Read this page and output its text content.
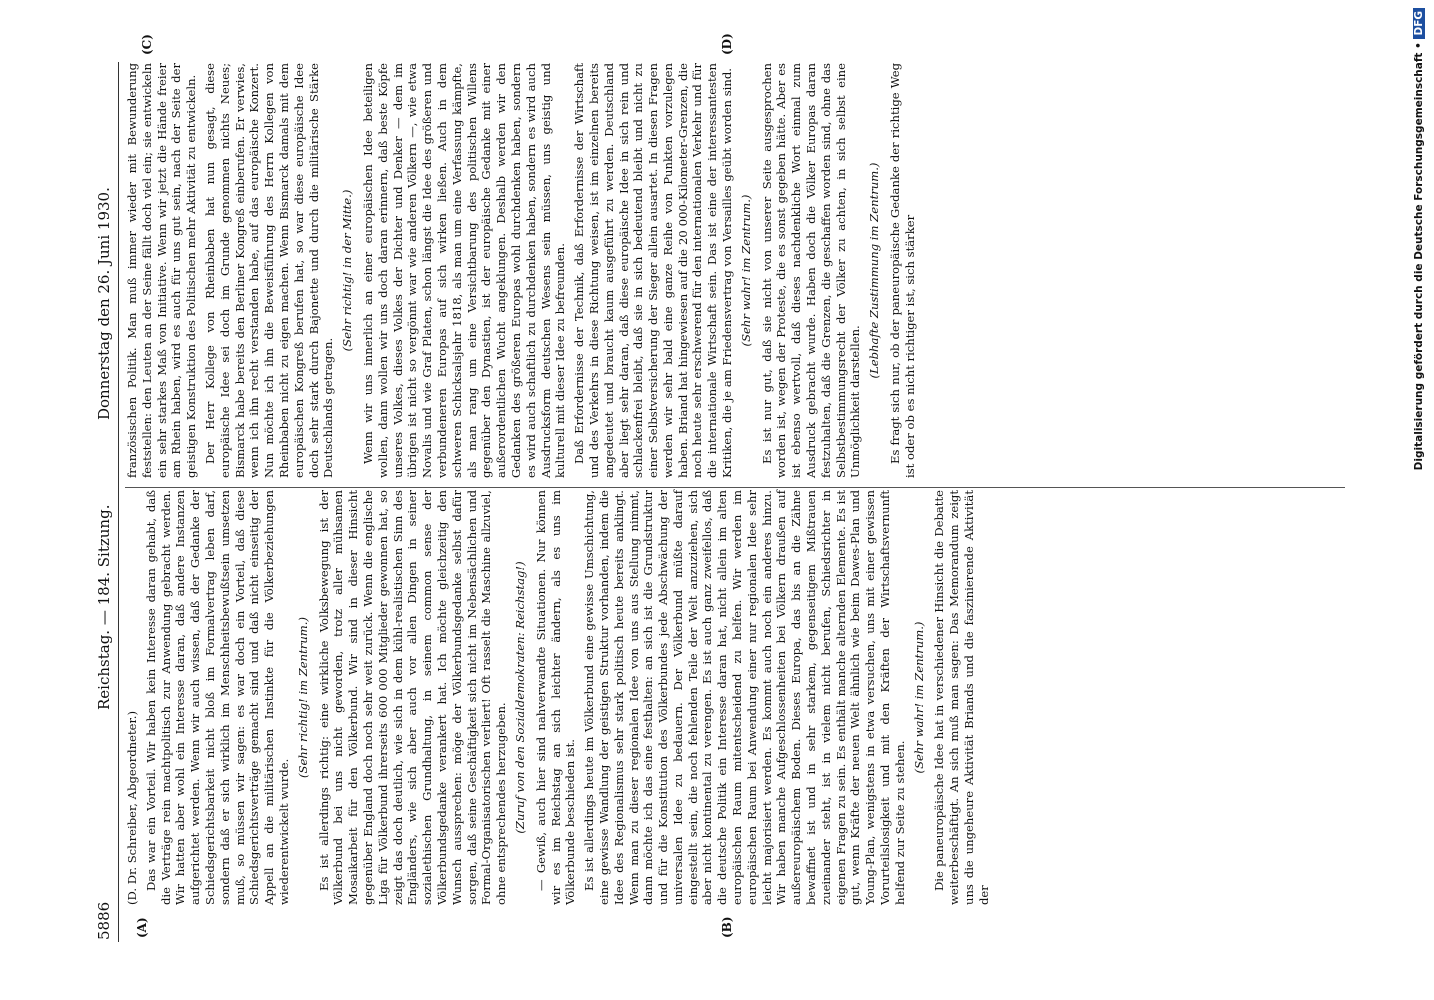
5886
Reichstag. — 184. Sitzung.
Donnerstag den 26. Juni 1930.
(A)	(B)
(C)	(D)

(D. Dr. Schreiber, Abgeordneter.) Das war ein Vorteil. Wir haben kein Interesse daran gehabt, daß die Verträge rein machtpolitisch zur Anwendung gebracht werden. Wir hatten aber wohl ein Interesse daran, daß andere Instanzen aufgerichtet werden. Wenn wir auch wissen, daß der Gedanke der Schiedsgerichtsbarkeit nicht bloß im Formalvertrag leben darf, sondern daß er sich wirklich im Menschheitsbewußtsein umsetzen muß, so müssen wir sagen: es war doch ein Vorteil, daß diese Schiedsgerichtsverträge gemacht sind und daß nicht einseitig der Appell an die militärischen Instinkte für die Völkerbeziehungen wiederentwickelt wurde.

(Sehr richtig! im Zentrum.) Es ist allerdings richtig: eine wirkliche Volksbewegung ist der Völkerbund bei uns nicht geworden, trotz aller mühsamen Mosaikarbeit für den Völkerbund. Wir sind in dieser Hinsicht gegenüber England doch noch sehr weit zurück. Wenn die englische Liga für Völkerbund ihrerseits 600 000 Mitglieder gewonnen hat, so zeigt das doch deutlich, wie sich in dem kühl-realistischen Sinn des Engländers, wie sich aber auch vor allen Dingen in seiner sozialethischen Grundhaltung, in seinem common sense der Völkerbundsgedanke verankert hat. Ich möchte gleichzeitig den Wunsch aussprechen: möge der Völkerbundsgedanke selbst dafür sorgen, daß seine Geschäftigkeit sich nicht im Nebensächlichen und Formal-Organisatorischen verliert! Oft rasselt die Maschine allzuviel, ohne entsprechendes herzugeben. (Zuruf von den Sozialdemokraten: Reichstag!) — Gewiß, auch hier sind nahverwandte Situationen. Nur können wir es im Reichstag an sich leichter ändern, als es uns im Völkerbunde beschieden ist. Es ist allerdings heute im Völkerbund eine gewisse Umschichtung, eine gewisse Wandlung der geistigen Struktur vorhanden, indem die Idee des Regionalismus sehr stark politisch heute bereits anklingt. Wenn man zu dieser regionalen Idee von uns aus Stellung nimmt, dann möchte ich das eine festhalten: an sich ist die Grundstruktur und für die Konstitution des Völkerbundes jede Abschwächung der universalen Idee zu bedauern. Der Völkerbund müßte darauf eingestellt sein, die noch fehlenden Teile der Welt anzuziehen, sich aber nicht kontinental zu verengen. Es ist auch ganz zweifellos, daß die deutsche Politik ein Interesse daran hat, nicht allein im alten europäischen Raum mitentscheidend zu helfen. Wir werden im europäischen Raum bei Anwendung einer nur regionalen Idee sehr leicht majorisiert werden. Es kommt auch noch ein anderes hinzu. Wir haben manche Aufgeschlossenheiten bei Völkern draußen auf außereuropäischem Boden. Dieses Europa, das bis an die Zähne bewaffnet ist und in sehr starkem, gegenseitigem Mißtrauen zueinander steht, ist in vielem nicht berufen, Schiedsrichter in eigenen Fragen zu sein. Es enthält manche alternden Elemente. Es ist gut, wenn Kräfte der neuen Welt ähnlich wie beim Dawes-Plan und Young-Plan, wenigstens in etwa versuchen, uns mit einer gewissen Vorurteilslosigkeit und mit den Kräften der Wirtschaftsvernunft helfend zur Seite zu stehen.

(Sehr wahr! im Zentrum.) Die paneuropäische Idee hat in verschiedener Hinsicht die Debatte weiterbeschäftigt. An sich muß man sagen: Das Memorandum zeigt uns die ungeheure Aktivität Briands und die faszinierende Aktivität der

französischen Politik. Man muß immer wieder mit Bewunderung feststellen: den Leuten an der Seine fällt doch viel ein; sie entwickeln ein sehr starkes Maß von Initiative. Wenn wir jetzt die Hände freier am Rhein haben, wird es auch für uns gut sein, nach der Seite der geistigen Konstruktion des Politischen mehr Aktivität zu entwickeln. Der Herr Kollege von Rheinbaben hat nun gesagt, diese europäische Idee sei doch im Grunde genommen nichts Neues; Bismarck habe bereits den Berliner Kongreß einberufen. Er verwies, wenn ich ihn recht verstanden habe, auf das europäische Konzert. Nun möchte ich ihn die Beweisführung des Herrn Kollegen von Rheinbaben nicht zu eigen machen. Wenn Bismarck damals mit dem europäischen Kongreß berufen hat, so war diese europäische Idee doch sehr stark durch Bajonette und durch die militärische Stärke Deutschlands getragen.

(Sehr richtig! in der Mitte.) Wenn wir uns innerlich an einer europäischen Idee beteiligen wollen, dann wollen wir uns doch daran erinnern, daß beste Köpfe unseres Volkes, dieses Volkes der Dichter und Denker — dem im übrigen ist nicht so vergönnt war wie anderen Völkern —, wie etwa Novalis und wie Graf Platen, schon längst die Idee des größeren und verbundeneren Europas auf sich wirken ließen. Auch in dem schweren Schicksalsjahr 1818, als man um eine Verfassung kämpfte, als man rang um eine Versichtbarung des politischen Willens gegenüber den Dynastien, ist der europäische Gedanke mit einer außerordentlichen Wucht angeklungen. Deshalb werden wir den Gedanken des größeren Europas wohl durchdenken haben, sondern es wird auch schaftlich zu durchdenken haben, sondern es wird auch Ausdrucksform deutschen Wesens sein müssen, uns geistig und kulturell mit dieser Idee zu befreunden. Daß Erfordernisse der Technik, daß Erfordernisse der Wirtschaft und des Verkehrs in diese Richtung weisen, ist im einzelnen bereits angedeutet und braucht kaum ausgeführt zu werden. Deutschland aber liegt sehr daran, daß diese europäische Idee in sich rein und schlackenfrei bleibt, daß sie in sich bedeutend bleibt und nicht zu einer Selbstversicherung der Sieger allein ausartet. In diesen Fragen werden wir sehr bald eine ganze Reihe von Punkten vorzulegen haben. Briand hat hingewiesen auf die 20 000-Kilometer-Grenzen, die noch heute sehr erschwerend für den internationalen Verkehr und für die internationale Wirtschaft sein. Das ist eine der interessantesten Kritiken, die je am Friedensvertrag von Versailles geübt worden sind. (Sehr wahr! im Zentrum.) Es ist nur gut, daß sie nicht von unserer Seite ausgesprochen worden ist, wegen der Proteste, die es sonst gegeben hätte. Aber es ist ebenso wertvoll, daß dieses nachdenkliche Wort einmal zum Ausdruck gebracht wurde. Haben doch die Völker Europas daran festzuhalten, daß die Grenzen, die geschaffen worden sind, ohne das Selbstbestimmungsrecht der Völker zu achten, in sich selbst eine Unmöglichkeit darstellen.

(Lebhafte Zustimmung im Zentrum.) Es fragt sich nur, ob der paneuropäische Gedanke der richtige Weg ist oder ob es nicht richtiger ist, sich stärker	Digitalisierung gefördert durch die Deutsche Forschungsgemeinschaft • DFG
